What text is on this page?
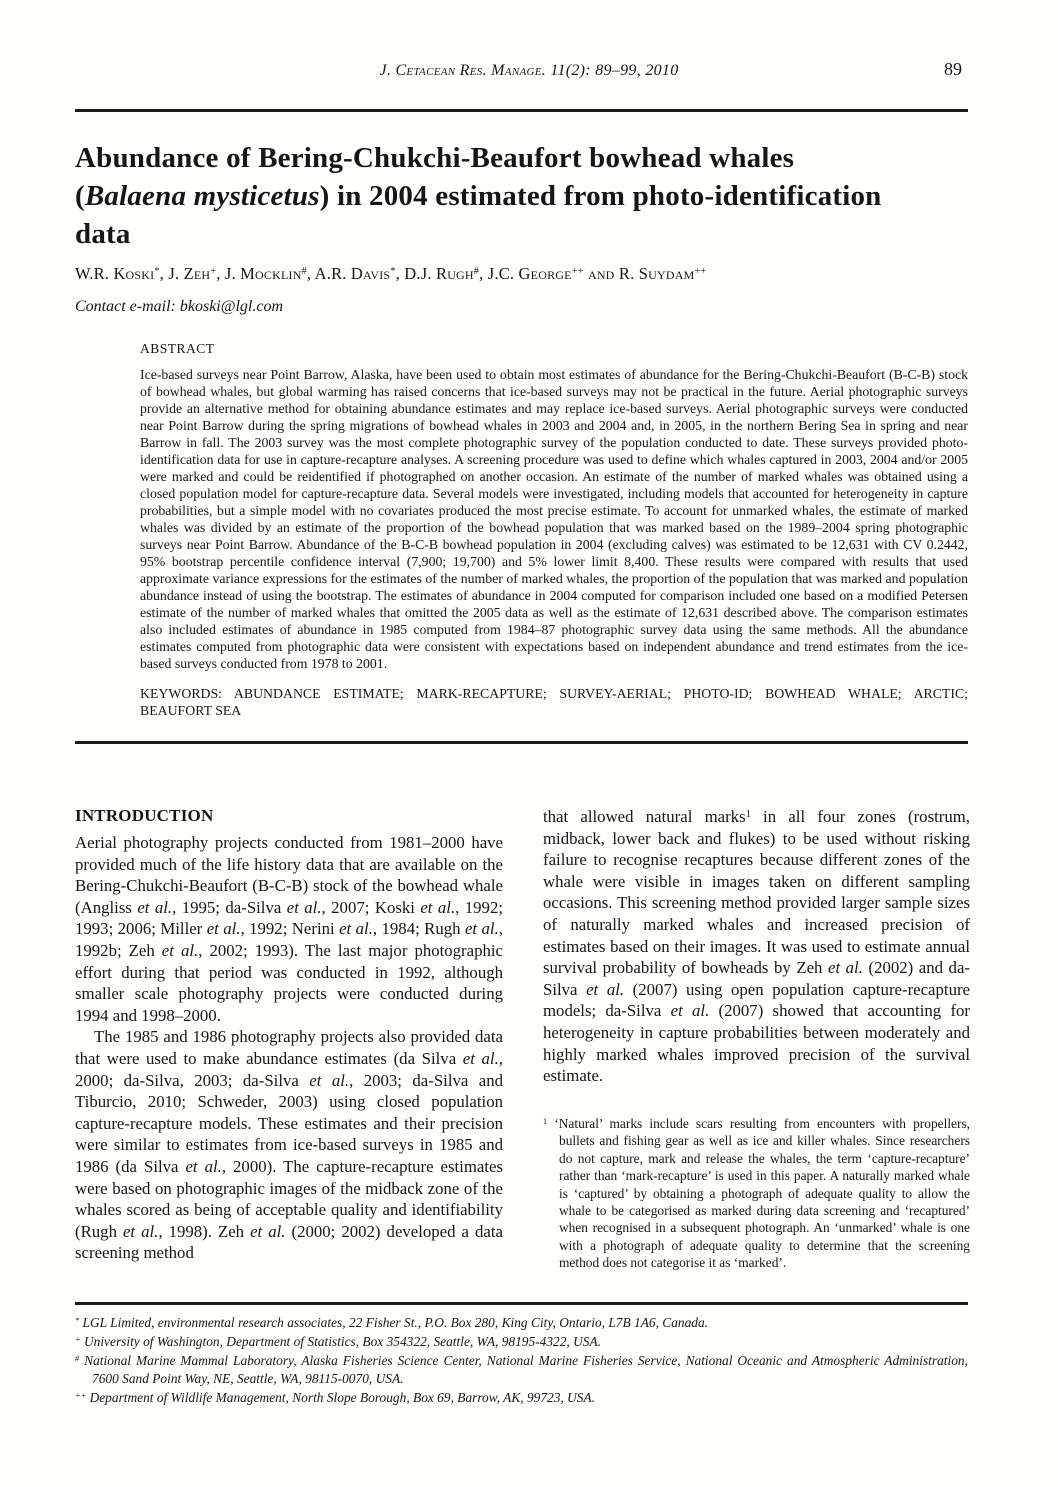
J. Cetacean Res. Manage. 11(2): 89–99, 2010	89
Abundance of Bering-Chukchi-Beaufort bowhead whales
(Balaena mysticetus) in 2004 estimated from photo-identification
data
W.R. Koski*, J. Zeh+, J. Mocklin#, A.R. Davis*, D.J. Rugh#, J.C. George++ and R. Suydam++
Contact e-mail: bkoski@lgl.com
ABSTRACT

Ice-based surveys near Point Barrow, Alaska, have been used to obtain most estimates of abundance for the Bering-Chukchi-Beaufort (B-C-B) stock of bowhead whales, but global warming has raised concerns that ice-based surveys may not be practical in the future. Aerial photographic surveys provide an alternative method for obtaining abundance estimates and may replace ice-based surveys. Aerial photographic surveys were conducted near Point Barrow during the spring migrations of bowhead whales in 2003 and 2004 and, in 2005, in the northern Bering Sea in spring and near Barrow in fall. The 2003 survey was the most complete photographic survey of the population conducted to date. These surveys provided photo-identification data for use in capture-recapture analyses. A screening procedure was used to define which whales captured in 2003, 2004 and/or 2005 were marked and could be reidentified if photographed on another occasion. An estimate of the number of marked whales was obtained using a closed population model for capture-recapture data. Several models were investigated, including models that accounted for heterogeneity in capture probabilities, but a simple model with no covariates produced the most precise estimate. To account for unmarked whales, the estimate of marked whales was divided by an estimate of the proportion of the bowhead population that was marked based on the 1989–2004 spring photographic surveys near Point Barrow. Abundance of the B-C-B bowhead population in 2004 (excluding calves) was estimated to be 12,631 with CV 0.2442, 95% bootstrap percentile confidence interval (7,900; 19,700) and 5% lower limit 8,400. These results were compared with results that used approximate variance expressions for the estimates of the number of marked whales, the proportion of the population that was marked and population abundance instead of using the bootstrap. The estimates of abundance in 2004 computed for comparison included one based on a modified Petersen estimate of the number of marked whales that omitted the 2005 data as well as the estimate of 12,631 described above. The comparison estimates also included estimates of abundance in 1985 computed from 1984–87 photographic survey data using the same methods. All the abundance estimates computed from photographic data were consistent with expectations based on independent abundance and trend estimates from the ice-based surveys conducted from 1978 to 2001.

KEYWORDS: ABUNDANCE ESTIMATE; MARK-RECAPTURE; SURVEY-AERIAL; PHOTO-ID; BOWHEAD WHALE; ARCTIC; BEAUFORT SEA

INTRODUCTION

Aerial photography projects conducted from 1981–2000 have provided much of the life history data that are available on the Bering-Chukchi-Beaufort (B-C-B) stock of the bowhead whale (Angliss et al., 1995; da-Silva et al., 2007; Koski et al., 1992; 1993; 2006; Miller et al., 1992; Nerini et al., 1984; Rugh et al., 1992b; Zeh et al., 2002; 1993). The last major photographic effort during that period was conducted in 1992, although smaller scale photography projects were conducted during 1994 and 1998–2000.

The 1985 and 1986 photography projects also provided data that were used to make abundance estimates (da Silva et al., 2000; da-Silva, 2003; da-Silva et al., 2003; da-Silva and Tiburcio, 2010; Schweder, 2003) using closed population capture-recapture models. These estimates and their precision were similar to estimates from ice-based surveys in 1985 and 1986 (da Silva et al., 2000). The capture-recapture estimates were based on photographic images of the midback zone of the whales scored as being of acceptable quality and identifiability (Rugh et al., 1998). Zeh et al. (2000; 2002) developed a data screening method

that allowed natural marks$^1$ in all four zones (rostrum, midback, lower back and flukes) to be used without risking failure to recognise recaptures because different zones of the whale were visible in images taken on different sampling occasions. This screening method provided larger sample sizes of naturally marked whales and increased precision of estimates based on their images. It was used to estimate annual survival probability of bowheads by Zeh et al. (2002) and da-Silva et al. (2007) using open population capture-recapture models; da-Silva et al. (2007) showed that accounting for heterogeneity in capture probabilities between moderately and highly marked whales improved precision of the survival estimate.

$^1$ ‘Natural’ marks include scars resulting from encounters with propellers, bullets and fishing gear as well as ice and killer whales. Since researchers do not capture, mark and release the whales, the term ‘capture-recapture’ rather than ‘mark-recapture’ is used in this paper. A naturally marked whale is ‘captured’ by obtaining a photograph of adequate quality to allow the whale to be categorised as marked during data screening and ‘recaptured’ when recognised in a subsequent photograph. An ‘unmarked’ whale is one with a photograph of adequate quality to determine that the screening method does not categorise it as ‘marked’.
* LGL Limited, environmental research associates, 22 Fisher St., P.O. Box 280, King City, Ontario, L7B 1A6, Canada.
+ University of Washington, Department of Statistics, Box 354322, Seattle, WA, 98195-4322, USA.
# National Marine Mammal Laboratory, Alaska Fisheries Science Center, National Marine Fisheries Service, National Oceanic and Atmospheric Administration, 7600 Sand Point Way, NE, Seattle, WA, 98115-0070, USA.
++ Department of Wildlife Management, North Slope Borough, Box 69, Barrow, AK, 99723, USA.
